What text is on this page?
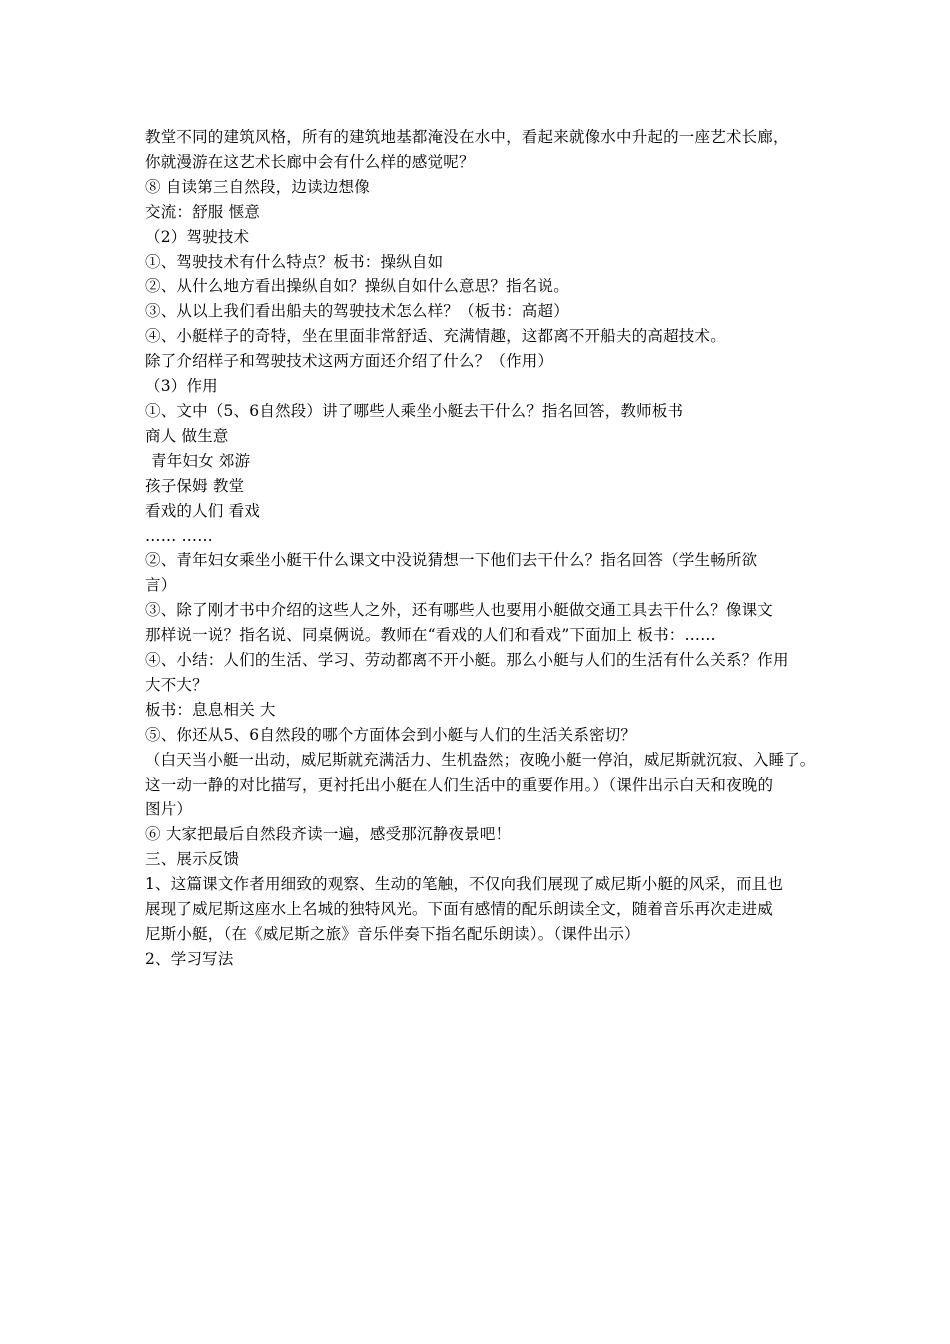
教堂不同的建筑风格，所有的建筑地基都淹没在水中，看起来就像水中升起的一座艺术长廊，
你就漫游在这艺术长廊中会有什么样的感觉呢？
⑧ 自读第三自然段，边读边想像
交流：舒服 惬意
（2）驾驶技术
①、驾驶技术有什么特点？板书：操纵自如
②、从什么地方看出操纵自如？操纵自如什么意思？指名说。
③、从以上我们看出船夫的驾驶技术怎么样？（板书：高超）
④、小艇样子的奇特，坐在里面非常舒适、充满情趣，这都离不开船夫的高超技术。
除了介绍样子和驾驶技术这两方面还介绍了什么？（作用）
（3）作用
①、文中（5、6自然段）讲了哪些人乘坐小艇去干什么？指名回答，教师板书
商人 做生意
青年妇女 郊游
孩子保姆 教堂
看戏的人们 看戏
…… ……
②、青年妇女乘坐小艇干什么课文中没说猜想一下他们去干什么？指名回答（学生畅所欲
言）
③、除了刚才书中介绍的这些人之外，还有哪些人也要用小艇做交通工具去干什么？像课文
那样说一说？指名说、同桌俩说。教师在“看戏的人们和看戏”下面加上 板书：……
④、小结：人们的生活、学习、劳动都离不开小艇。那么小艇与人们的生活有什么关系？作用
大不大？
板书：息息相关 大
⑤、你还从5、6自然段的哪个方面体会到小艇与人们的生活关系密切？
（白天当小艇一出动，威尼斯就充满活力、生机盎然；夜晚小艇一停泊，威尼斯就沉寂、入睡了。
这一动一静的对比描写，更衬托出小艇在人们生活中的重要作用。）（课件出示白天和夜晚的
图片）
⑥ 大家把最后自然段齐读一遍，感受那沉静夜景吧！
三、展示反馈
1、这篇课文作者用细致的观察、生动的笔触，不仅向我们展现了威尼斯小艇的风采，而且也
展现了威尼斯这座水上名城的独特风光。下面有感情的配乐朗读全文，随着音乐再次走进威
尼斯小艇，（在《威尼斯之旅》音乐伴奏下指名配乐朗读）。（课件出示）
2、学习写法
